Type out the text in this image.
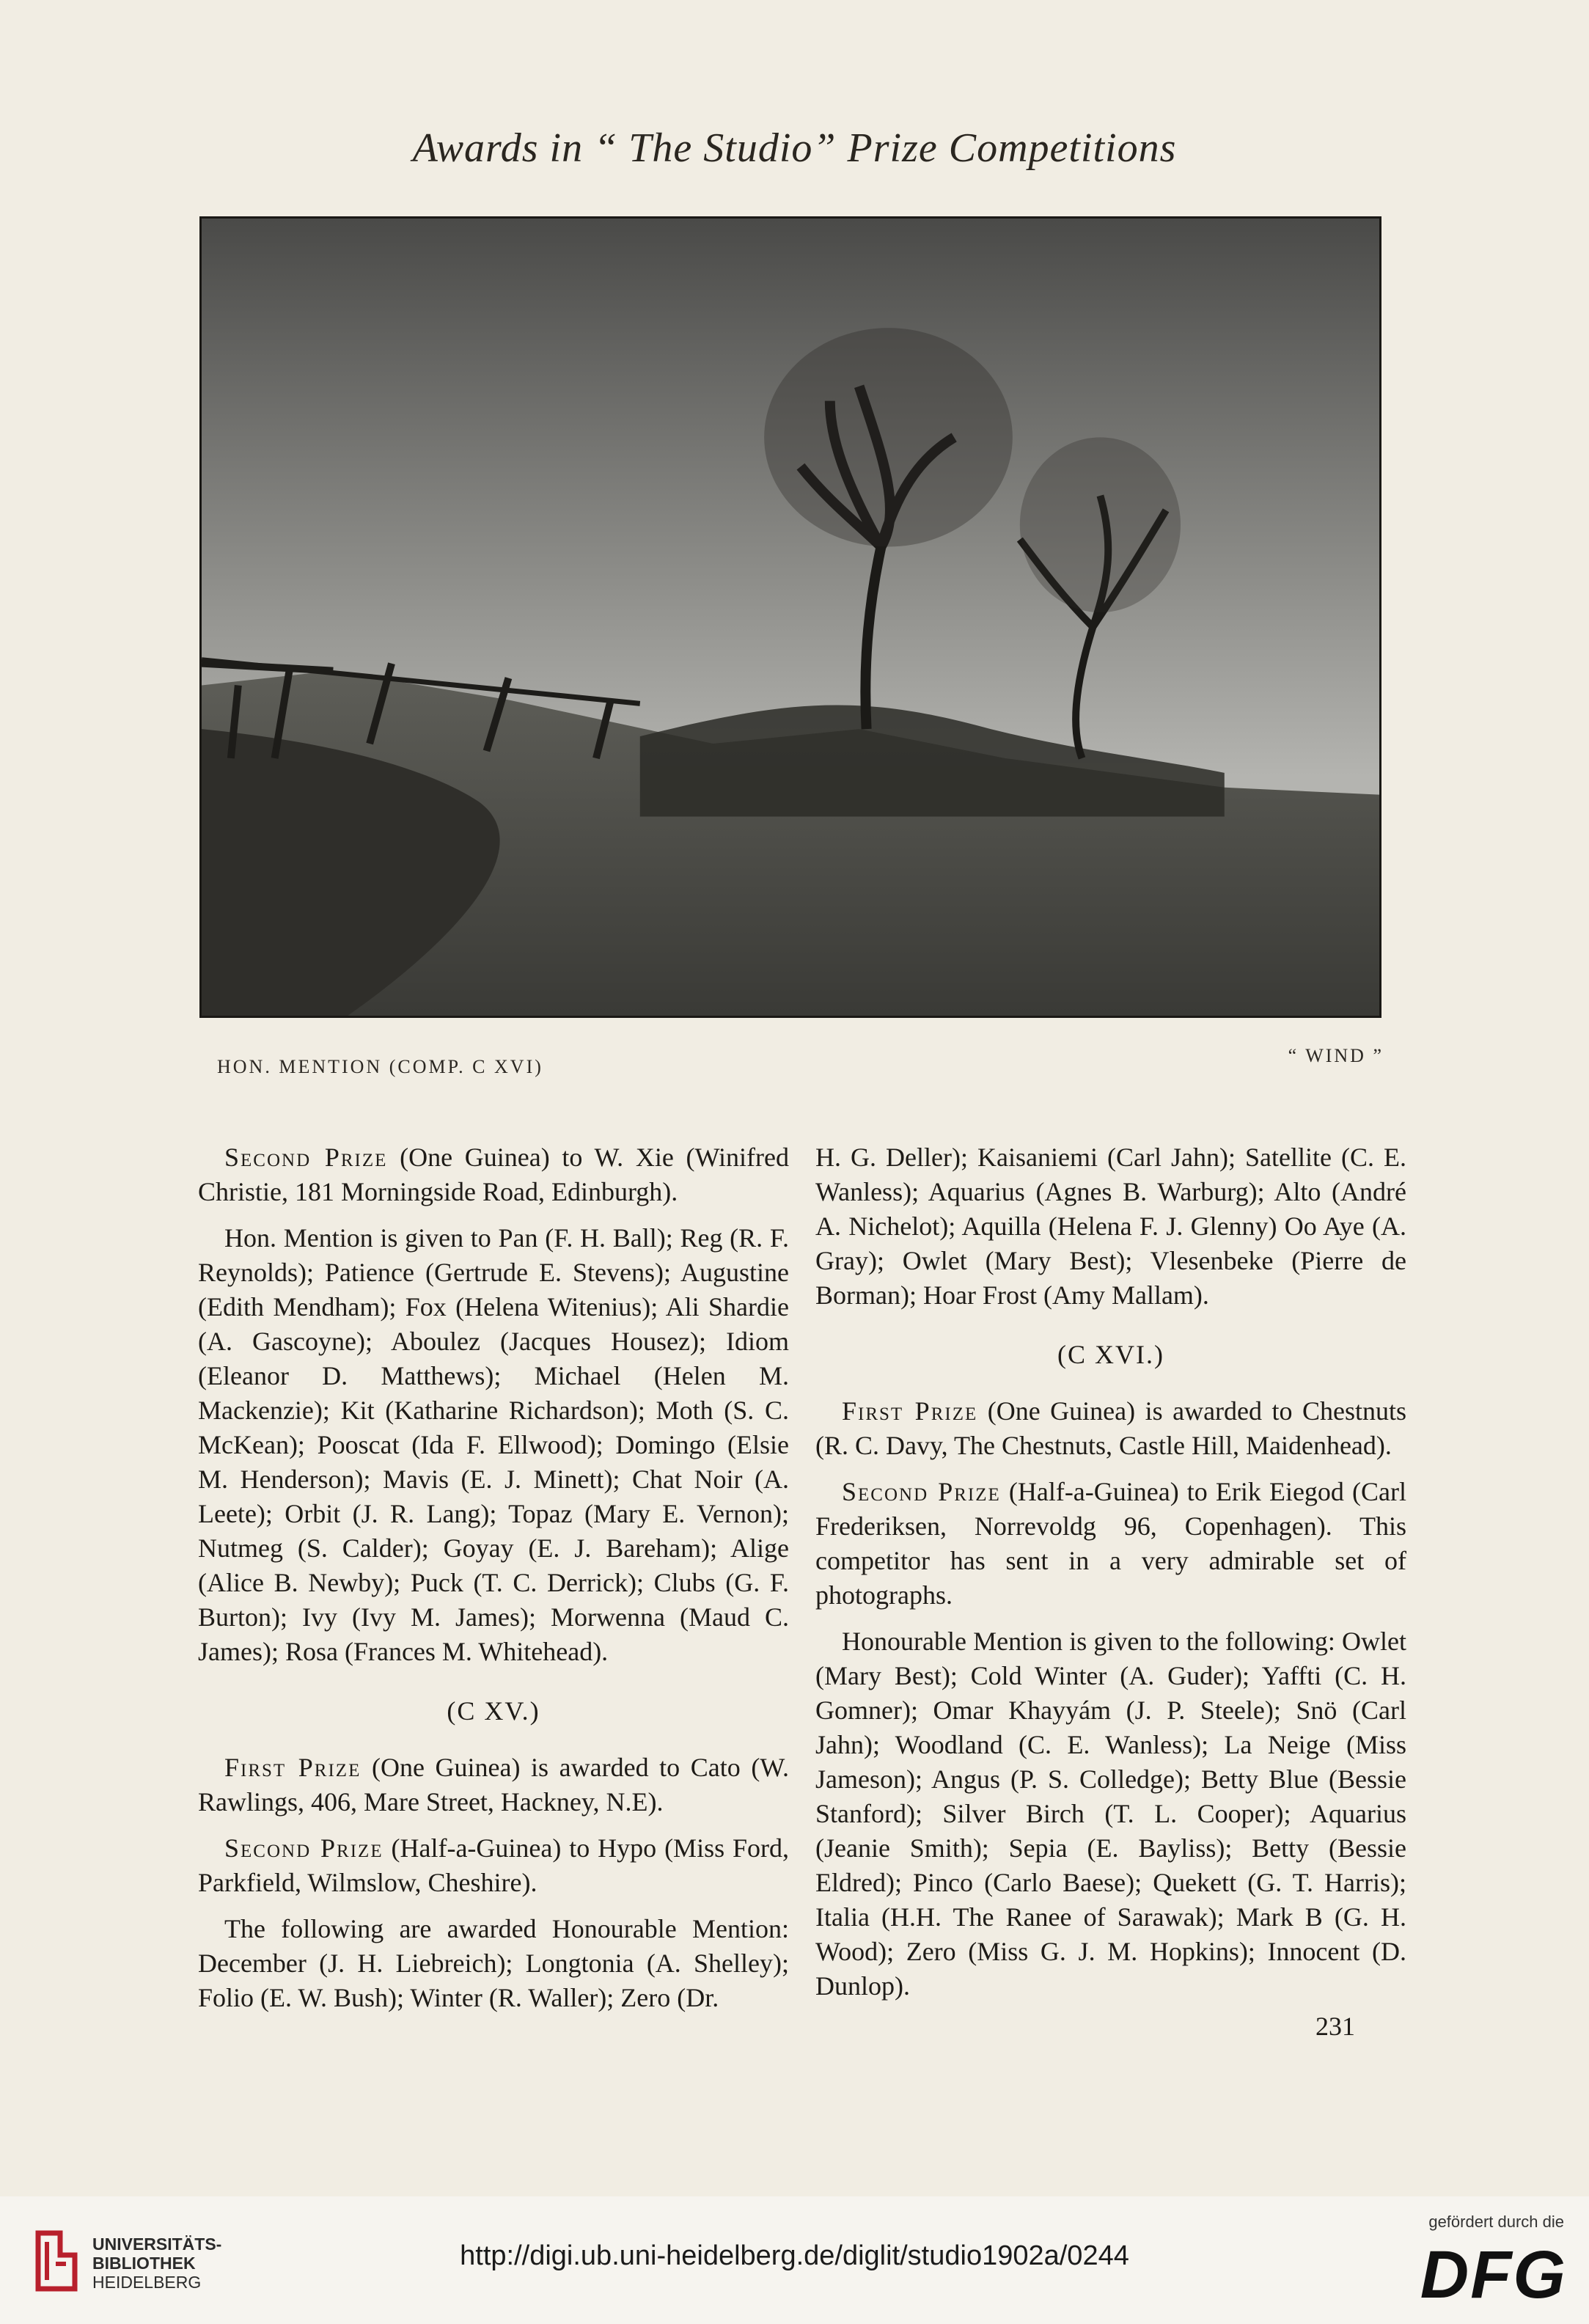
Awards in “ The Studio” Prize Competitions
HON. MENTION (COMP. C XVI)
“ WIND ”

Second Prize (One Guinea) to W. Xie (Winifred Christie, 181 Morningside Road, Edinburgh).

Hon. Mention is given to Pan (F. H. Ball); Reg (R. F. Reynolds); Patience (Gertrude E. Stevens); Augustine (Edith Mendham); Fox (Helena Witenius); Ali Shardie (A. Gascoyne); Aboulez (Jacques Housez); Idiom (Eleanor D. Matthews); Michael (Helen M. Mackenzie); Kit (Katharine Richardson); Moth (S. C. McKean); Pooscat (Ida F. Ellwood); Domingo (Elsie M. Henderson); Mavis (E. J. Minett); Chat Noir (A. Leete); Orbit (J. R. Lang); Topaz (Mary E. Vernon); Nutmeg (S. Calder); Goyay (E. J. Bareham); Alige (Alice B. Newby); Puck (T. C. Derrick); Clubs (G. F. Burton); Ivy (Ivy M. James); Morwenna (Maud C. James); Rosa (Frances M. Whitehead).

(C XV.)

First Prize (One Guinea) is awarded to Cato (W. Rawlings, 406, Mare Street, Hackney, N.E).

Second Prize (Half-a-Guinea) to Hypo (Miss Ford, Parkfield, Wilmslow, Cheshire).

The following are awarded Honourable Mention: December (J. H. Liebreich); Longtonia (A. Shelley); Folio (E. W. Bush); Winter (R. Waller); Zero (Dr.

H. G. Deller); Kaisaniemi (Carl Jahn); Satellite (C. E. Wanless); Aquarius (Agnes B. Warburg); Alto (André A. Nichelot); Aquilla (Helena F. J. Glenny) Oo Aye (A. Gray); Owlet (Mary Best); Vlesenbeke (Pierre de Borman); Hoar Frost (Amy Mallam).

(C XVI.)

First Prize (One Guinea) is awarded to Chestnuts (R. C. Davy, The Chestnuts, Castle Hill, Maidenhead).

Second Prize (Half-a-Guinea) to Erik Eiegod (Carl Frederiksen, Norrevoldg 96, Copenhagen). This competitor has sent in a very admirable set of photographs.

Honourable Mention is given to the following: Owlet (Mary Best); Cold Winter (A. Guder); Yaffti (C. H. Gomner); Omar Khayyám (J. P. Steele); Snö (Carl Jahn); Woodland (C. E. Wanless); La Neige (Miss Jameson); Angus (P. S. Colledge); Betty Blue (Bessie Stanford); Silver Birch (T. L. Cooper); Aquarius (Jeanie Smith); Sepia (E. Bayliss); Betty (Bessie Eldred); Pinco (Carlo Baese); Quekett (G. T. Harris); Italia (H.H. The Ranee of Sarawak); Mark B (G. H. Wood); Zero (Miss G. J. M. Hopkins); Innocent (D. Dunlop).

231
UNIVERSITÄTS-
BIBLIOTHEK
HEIDELBERG
http://digi.ub.uni-heidelberg.de/diglit/studio1902a/0244
gefördert durch die
DFG
